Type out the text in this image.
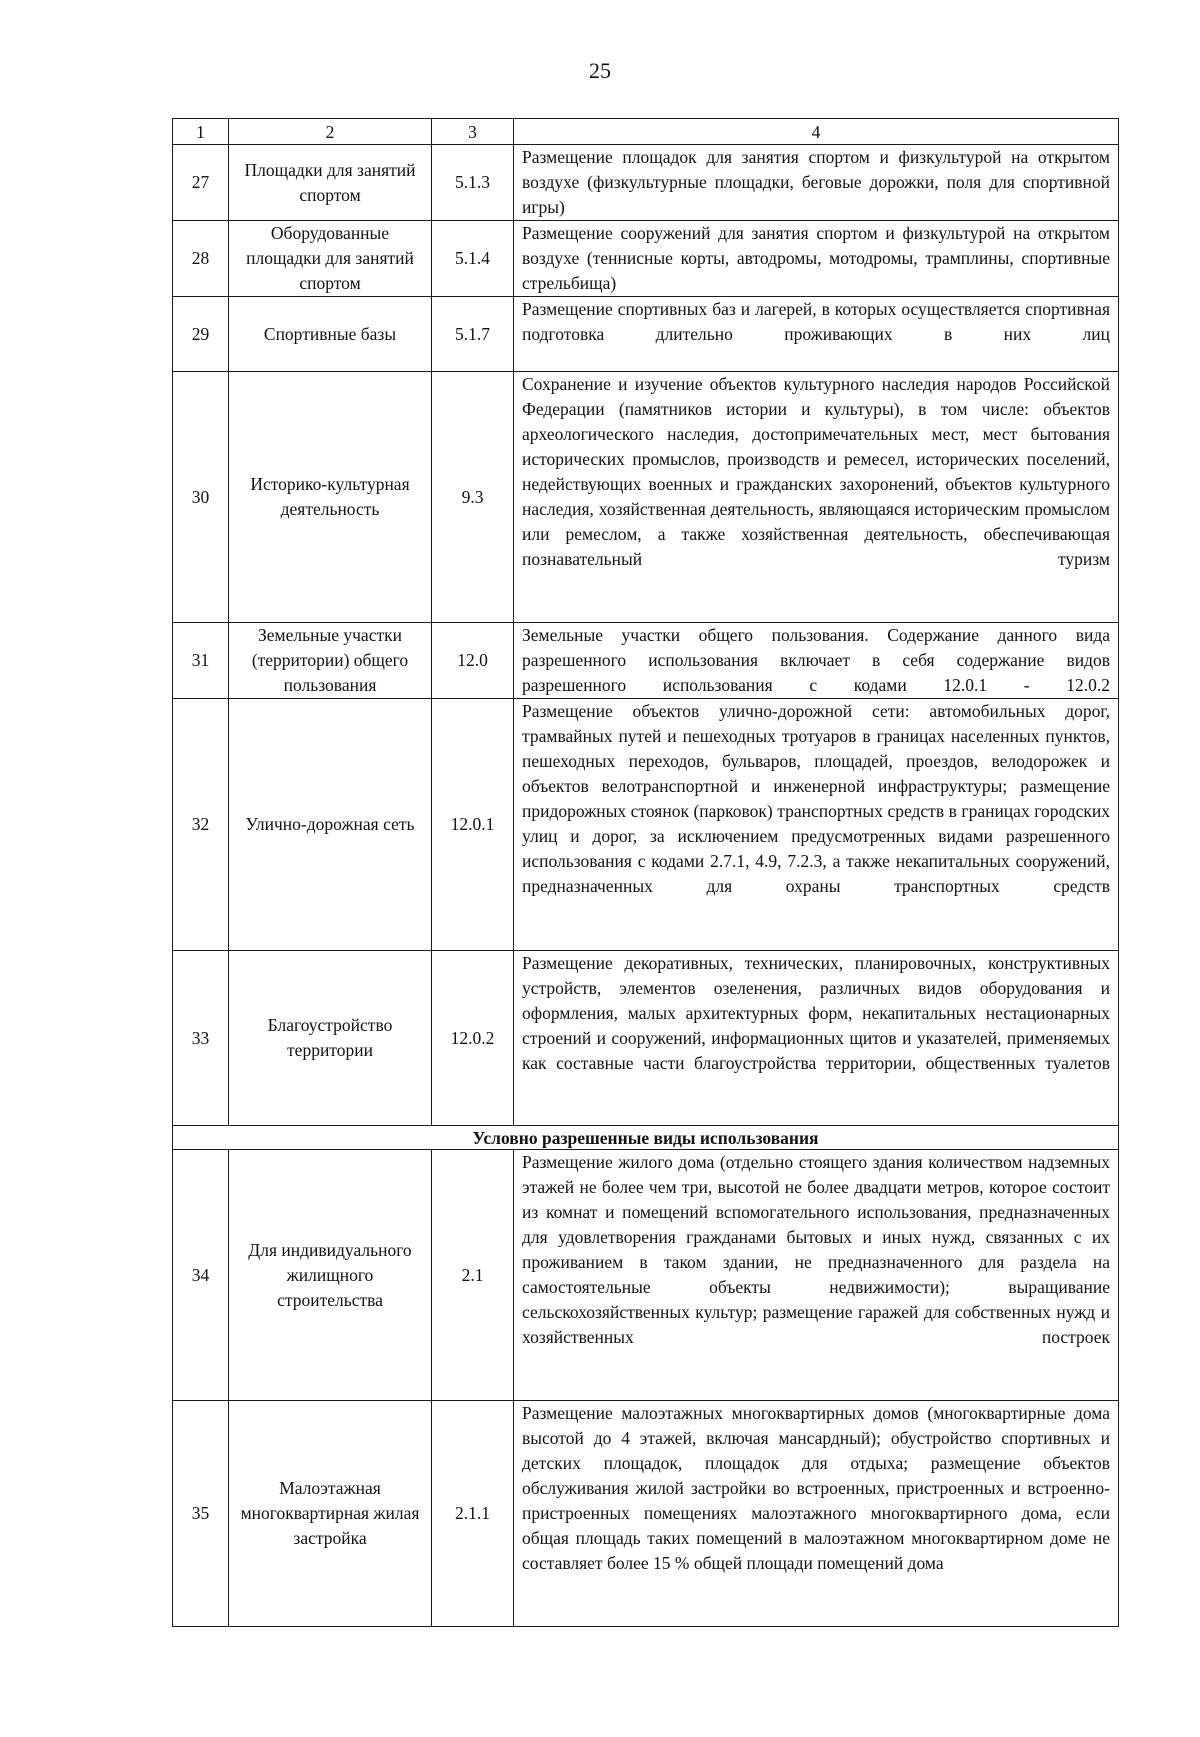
25
1	2	3	4
27	Площадки для занятий спортом	5.1.3	Размещение площадок для занятия спортом и физкультурой на открытом воздухе (физкультурные площадки, беговые дорожки, поля для спортивной игры)
28	Оборудованные площадки для занятий спортом	5.1.4	Размещение сооружений для занятия спортом и физкультурой на открытом воздухе (теннисные корты, автодромы, мотодромы, трамплины, спортивные стрельбища)
29	Спортивные базы	5.1.7	Размещение спортивных баз и лагерей, в которых осуществляется спортивная подготовка длительно проживающих в них лиц
30	Историко-культурная деятельность	9.3	Сохранение и изучение объектов культурного наследия народов Российской Федерации (памятников истории и культуры), в том числе: объектов археологического наследия, достопримечательных мест, мест бытования исторических промыслов, производств и ремесел, исторических поселений, недействующих военных и гражданских захоронений, объектов культурного наследия, хозяйственная деятельность, являющаяся историческим промыслом или ремеслом, а также хозяйственная деятельность, обеспечивающая познавательный туризм
31	Земельные участки (территории) общего пользования	12.0	Земельные участки общего пользования. Содержание данного вида разрешенного использования включает в себя содержание видов разрешенного использования с кодами 12.0.1 - 12.0.2
32	Улично-дорожная сеть	12.0.1	Размещение объектов улично-дорожной сети: автомобильных дорог, трамвайных путей и пешеходных тротуаров в границах населенных пунктов, пешеходных переходов, бульваров, площадей, проездов, велодорожек и объектов велотранспортной и инженерной инфраструктуры; размещение придорожных стоянок (парковок) транспортных средств в границах городских улиц и дорог, за исключением предусмотренных видами разрешенного использования с кодами 2.7.1, 4.9, 7.2.3, а также некапитальных сооружений, предназначенных для охраны транспортных средств
33	Благоустройство территории	12.0.2	Размещение декоративных, технических, планировочных, конструктивных устройств, элементов озеленения, различных видов оборудования и оформления, малых архитектурных форм, некапитальных нестационарных строений и сооружений, информационных щитов и указателей, применяемых как составные части благоустройства территории, общественных туалетов
Условно разрешенные виды использования			
34	Для индивидуального жилищного строительства	2.1	Размещение жилого дома (отдельно стоящего здания количеством надземных этажей не более чем три, высотой не более двадцати метров, которое состоит из комнат и помещений вспомогательного использования, предназначенных для удовлетворения гражданами бытовых и иных нужд, связанных с их проживанием в таком здании, не предназначенного для раздела на самостоятельные объекты недвижимости); выращивание сельскохозяйственных культур; размещение гаражей для собственных нужд и хозяйственных построек
35	Малоэтажная многоквартирная жилая застройка	2.1.1	Размещение малоэтажных многоквартирных домов (многоквартирные дома высотой до 4 этажей, включая мансардный); обустройство спортивных и детских площадок, площадок для отдыха; размещение объектов обслуживания жилой застройки во встроенных, пристроенных и встроенно-пристроенных помещениях малоэтажного многоквартирного дома, если общая площадь таких помещений в малоэтажном многоквартирном доме не составляет более 15 % общей площади помещений дома
